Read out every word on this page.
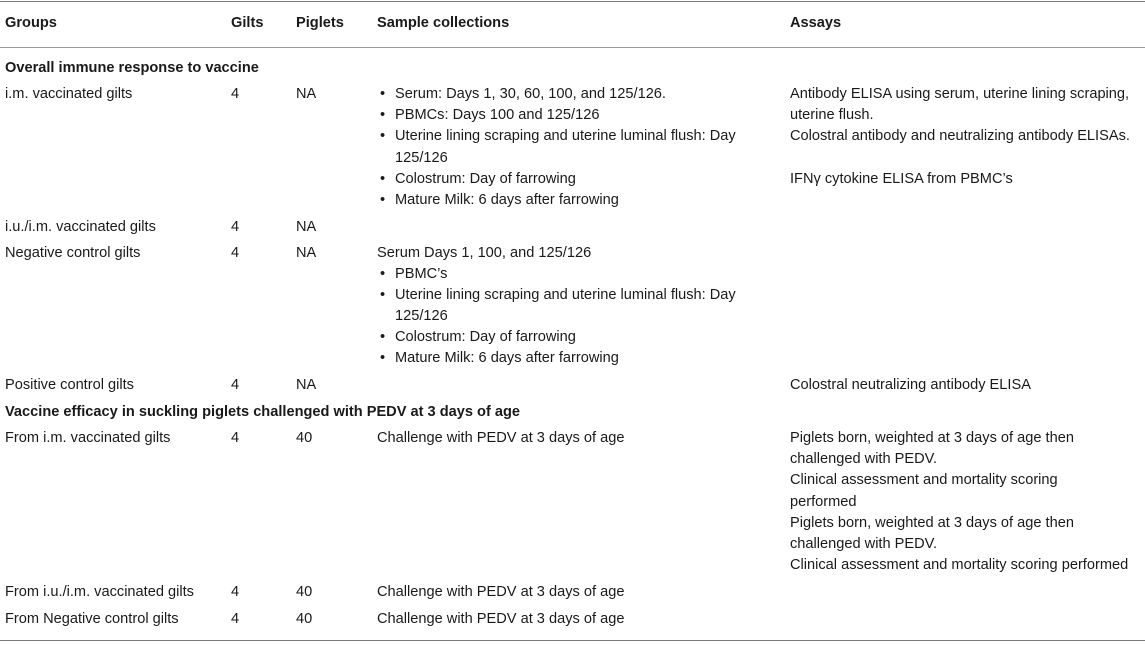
Groups	Gilts Piglets Sample collections	Assays
Overall immune response to vaccine
i.m. vaccinated gilts	4	NA
•	Serum: Days 1, 30, 60, 100, and 125/126.
• PBMCs: Days 100 and 125/126
• Uterine lining scraping and uterine luminal flush: Day
125/126
• Colostrum: Day of farrowing
• Mature Milk: 6 days after farrowing
Antibody ELISA using serum, uterine lining scraping,
uterine flush.
Colostral antibody and neutralizing antibody ELISAs.
IFNγ cytokine ELISA from PBMC’s
i.u./i.m. vaccinated gilts	4	NA
Negative control gilts	4	NA	Serum Days 1, 100, and 125/126
• PBMC’s
• Uterine lining scraping and uterine luminal flush: Day
125/126
• Colostrum: Day of farrowing
• Mature Milk: 6 days after farrowing
Positive control gilts	4	NA	Colostral neutralizing antibody ELISA
Vaccine efficacy in suckling piglets challenged with PEDV at 3 days of age
From i.m. vaccinated gilts	4	40	Challenge with PEDV at 3 days of age	Piglets born, weighted at 3 days of age then
challenged with PEDV.
Clinical assessment and mortality scoring
performed
Piglets born, weighted at 3 days of age then
challenged with PEDV.
Clinical assessment and mortality scoring performed
From i.u./i.m. vaccinated gilts	4	40	Challenge with PEDV at 3 days of age
From Negative control gilts	4	40	Challenge with PEDV at 3 days of age
